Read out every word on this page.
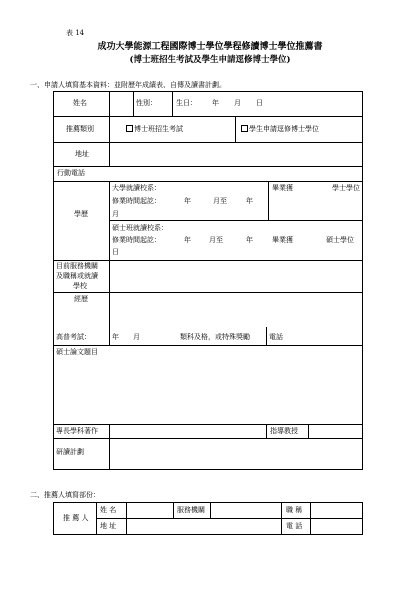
表 14
成功大學能源工程國際博士學位學程修讀博士學位推薦書
(博士班招生考試及學生申請逕修博士學位)
一、申請人填寫基本資料：並附歷年成績表、自傳及讀書計劃。
姓名	性別：	生日： 年 月 日
推薦類別	博士班招生考試	學生申請逕修博士學位
地址
行動電話
學歷
大學就讀校系：
修業時間起訖：	年	月至	年
月
畢業獲	學士學位
碩士班就讀校系：
修業時間起訖：	年	月至	年
日
畢業獲	碩士學位
目前服務機關
及職稱或就讀
學校
經歷
高普考試：	年 月	類科及格，或特殊獎勵	電話
碩士論文題目
專長學科著作	指導教授
研讀計劃
二、推薦人填寫部份：
推 薦 人
姓 名	服務機關	職 稱
地 址	電 話
